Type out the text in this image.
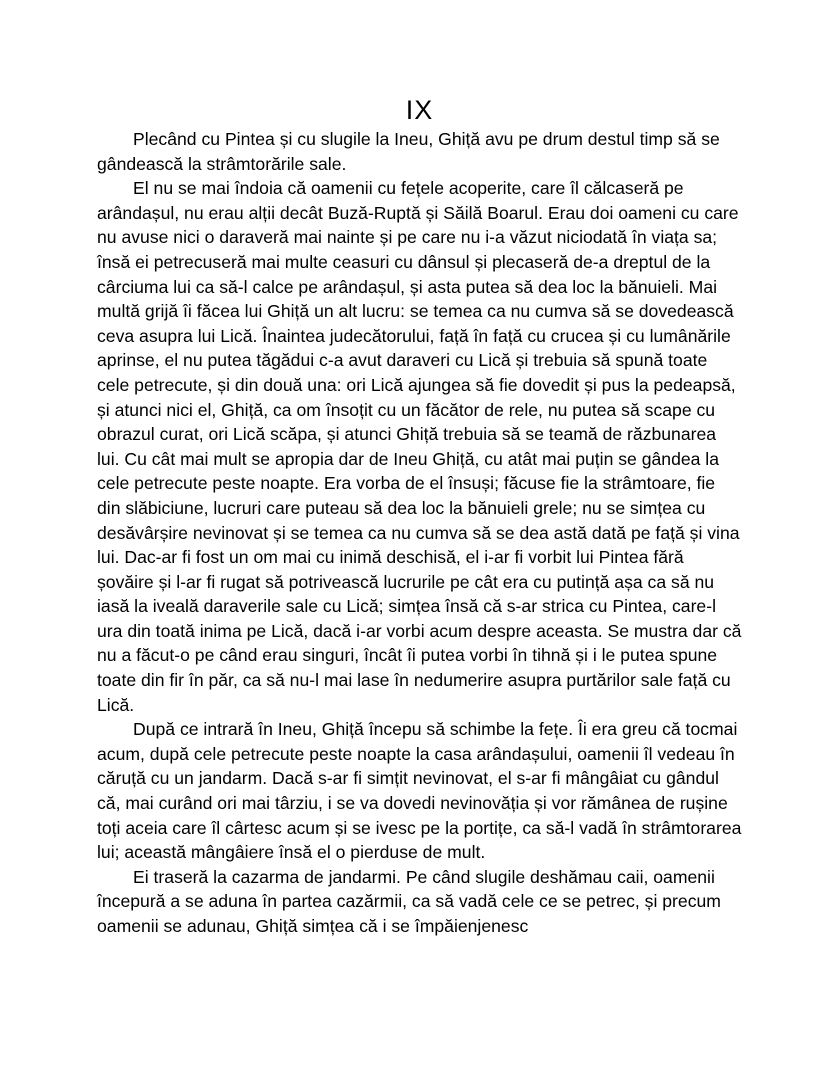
IX

Plecând cu Pintea și cu slugile la Ineu, Ghiță avu pe drum destul timp să se gândească la strâmtorările sale.

El nu se mai îndoia că oamenii cu fețele acoperite, care îl călcaseră pe arândașul, nu erau alții decât Buză-Ruptă și Săilă Boarul. Erau doi oameni cu care nu avuse nici o daraveră mai nainte și pe care nu i-a văzut niciodată în viața sa; însă ei petrecuseră mai multe ceasuri cu dânsul și plecaseră de-a dreptul de la cârciuma lui ca să-l calce pe arândașul, și asta putea să dea loc la bănuieli. Mai multă grijă îi făcea lui Ghiță un alt lucru: se temea ca nu cumva să se dovedească ceva asupra lui Lică. Înaintea judecătorului, față în față cu crucea și cu lumânările aprinse, el nu putea tăgădui c-a avut daraveri cu Lică și trebuia să spună toate cele petrecute, și din două una: ori Lică ajungea să fie dovedit și pus la pedeapsă, și atunci nici el, Ghiță, ca om însoțit cu un făcător de rele, nu putea să scape cu obrazul curat, ori Lică scăpa, și atunci Ghiță trebuia să se teamă de răzbunarea lui. Cu cât mai mult se apropia dar de Ineu Ghiță, cu atât mai puțin se gândea la cele petrecute peste noapte. Era vorba de el însuși; făcuse fie la strâmtoare, fie din slăbiciune, lucruri care puteau să dea loc la bănuieli grele; nu se simțea cu desăvârșire nevinovat și se temea ca nu cumva să se dea astă dată pe față și vina lui. Dac-ar fi fost un om mai cu inimă deschisă, el i-ar fi vorbit lui Pintea fără șovăire și l-ar fi rugat să potrivească lucrurile pe cât era cu putință așa ca să nu iasă la iveală daraverile sale cu Lică; simțea însă că s-ar strica cu Pintea, care-l ura din toată inima pe Lică, dacă i-ar vorbi acum despre aceasta. Se mustra dar că nu a făcut-o pe când erau singuri, încât îi putea vorbi în tihnă și i le putea spune toate din fir în păr, ca să nu-l mai lase în nedumerire asupra purtărilor sale față cu Lică.

După ce intrară în Ineu, Ghiță începu să schimbe la fețe. Îi era greu că tocmai acum, după cele petrecute peste noapte la casa arândașului, oamenii îl vedeau în căruță cu un jandarm. Dacă s-ar fi simțit nevinovat, el s-ar fi mângâiat cu gândul că, mai curând ori mai târziu, i se va dovedi nevinovăția și vor rămânea de rușine toți aceia care îl cârtesc acum și se ivesc pe la portițe, ca să-l vadă în strâmtorarea lui; această mângâiere însă el o pierduse de mult.

Ei traseră la cazarma de jandarmi. Pe când slugile deshămau caii, oamenii începură a se aduna în partea cazărmii, ca să vadă cele ce se petrec, și precum oamenii se adunau, Ghiță simțea că i se împăienjenesc
